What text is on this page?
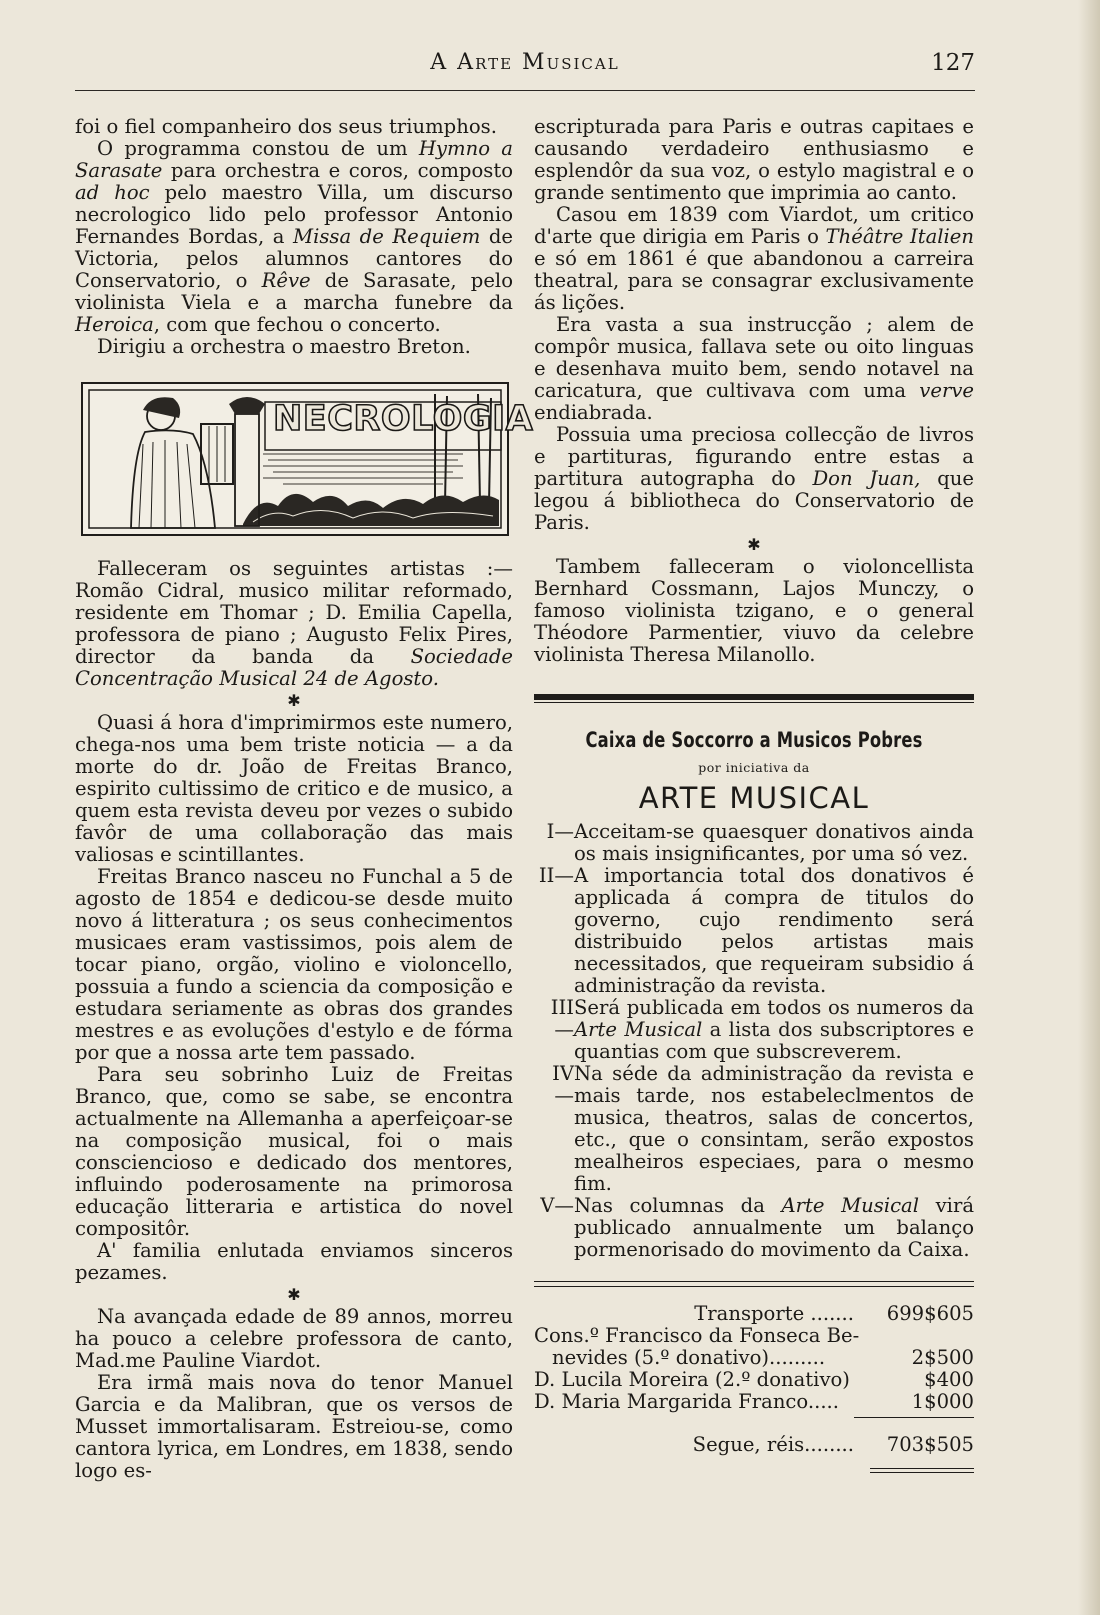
A Arte Musical	127

foi o fiel companheiro dos seus triumphos.

O programma constou de um Hymno a Sarasate para orchestra e coros, composto ad hoc pelo maestro Villa, um discurso necrologico lido pelo professor Antonio Fernandes Bordas, a Missa de Requiem de Victoria, pelos alumnos cantores do Conservatorio, o Rêve de Sarasate, pelo violinista Viela e a marcha funebre da Heroica, com que fechou o concerto.

Dirigiu a orchestra o maestro Breton.

NECROLOGIA

Falleceram os seguintes artistas :—Romão Cidral, musico militar reformado, residente em Thomar ; D. Emilia Capella, professora de piano ; Augusto Felix Pires, director da banda da Sociedade Concentração Musical 24 de Agosto.

✱

Quasi á hora d'imprimirmos este numero, chega-nos uma bem triste noticia — a da morte do dr. João de Freitas Branco, espirito cultissimo de critico e de musico, a quem esta revista deveu por vezes o subido favôr de uma collaboração das mais valiosas e scintillantes.

Freitas Branco nasceu no Funchal a 5 de agosto de 1854 e dedicou-se desde muito novo á litteratura ; os seus conhecimentos musicaes eram vastissimos, pois alem de tocar piano, orgão, violino e violoncello, possuia a fundo a sciencia da composição e estudara seriamente as obras dos grandes mestres e as evoluções d'estylo e de fórma por que a nossa arte tem passado.

Para seu sobrinho Luiz de Freitas Branco, que, como se sabe, se encontra actualmente na Allemanha a aperfeiçoar-se na composição musical, foi o mais consciencioso e dedicado dos mentores, influindo poderosamente na primorosa educação litteraria e artistica do novel compositôr.

A' familia enlutada enviamos sinceros pezames.

✱

Na avançada edade de 89 annos, morreu ha pouco a celebre professora de canto, Mad.me Pauline Viardot.

Era irmã mais nova do tenor Manuel Garcia e da Malibran, que os versos de Musset immortalisaram. Estreiou-se, como cantora lyrica, em Londres, em 1838, sendo logo es-

escripturada para Paris e outras capitaes e causando verdadeiro enthusiasmo e esplendôr da sua voz, o estylo magistral e o grande sentimento que imprimia ao canto.

Casou em 1839 com Viardot, um critico d'arte que dirigia em Paris o Théâtre Italien e só em 1861 é que abandonou a carreira theatral, para se consagrar exclusivamente ás lições.

Era vasta a sua instrucção ; alem de compôr musica, fallava sete ou oito linguas e desenhava muito bem, sendo notavel na caricatura, que cultivava com uma verve endiabrada.

Possuia uma preciosa collecção de livros e partituras, figurando entre estas a partitura autographa do Don Juan, que legou á bibliotheca do Conservatorio de Paris.

✱

Tambem falleceram o violoncellista Bernhard Cossmann, Lajos Munczy, o famoso violinista tzigano, e o general Théodore Parmentier, viuvo da celebre violinista Theresa Milanollo.

Caixa de Soccorro a Musicos Pobres
por iniciativa da
ARTE MUSICAL
I— Acceitam-se quaesquer donativos ainda os mais insignificantes, por uma só vez.
II— A importancia total dos donativos é applicada á compra de titulos do governo, cujo rendimento será distribuido pelos artistas mais necessitados, que requeiram subsidio á administração da revista.
III—
Será publicada em todos os numeros da Arte Musical a lista dos subscriptores e quantias com que subscreverem.
IV—
Na séde da administração da revista e mais tarde, nos estabeleclmentos de musica, theatros, salas de concertos, etc., que o consintam, serão expostos mealheiros especiaes, para o mesmo fim.
V— Nas columnas da Arte Musical virá publicado annualmente um balanço pormenorisado do movimento da Caixa.
Transporte .......	699$605
Cons.º Francisco da Fonseca Be-
nevides (5.º donativo).........	2$500
D. Lucila Moreira (2.º donativo)	$400
D. Maria Margarida Franco.....	1$000
Segue, réis........	703$505
